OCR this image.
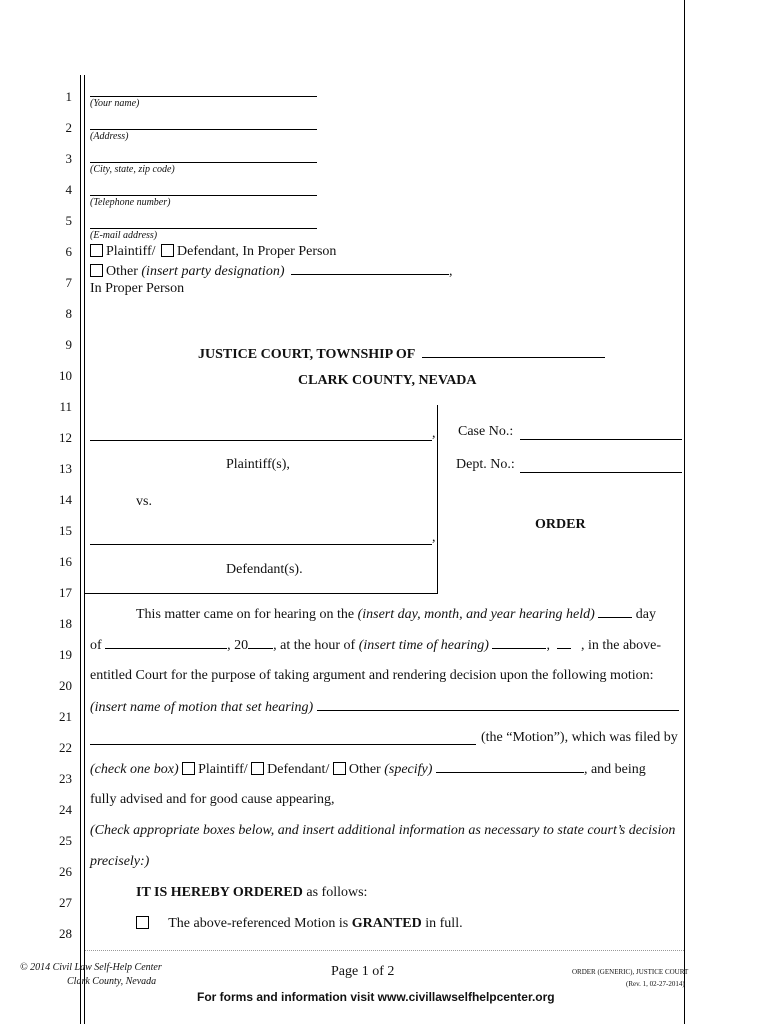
1
2
3
4
5
6
7
8
9
10
11
12
13
14
15
16
17
18
19
20
21
22
23
24
25
26
27
28
(Your name)
(Address)
(City, state, zip code)
(Telephone number)
(E-mail address)
Plaintiff/ Defendant, In Proper Person
Other (insert party designation)	,
In Proper Person
JUSTICE COURT, TOWNSHIP OF
CLARK COUNTY, NEVADA
,
Plaintiff(s),
vs.
,
Defendant(s).
Case No.:
Dept. No.:
ORDER
This matter came on for hearing on the (insert day, month, and year hearing held)	day
of	, 20 , at the hour of (insert time of hearing)	, , in the above-
entitled Court for the purpose of taking argument and rendering decision upon the following motion:
(insert name of motion that set hearing)
(the “Motion”), which was filed by
(check one box) Plaintiff/ Defendant/ Other (specify)	, and being
fully advised and for good cause appearing,
(Check appropriate boxes below, and insert additional information as necessary to state court’s decision
precisely:)
IT IS HEREBY ORDERED as follows:
The above-referenced Motion is GRANTED in full.
© 2014 Civil Law Self-Help Center
Clark County, Nevada
Page 1 of 2	ORDER (GENERIC), JUSTICE COURT
(Rev. 1, 02-27-2014)
For forms and information visit www.civillawselfhelpcenter.org
